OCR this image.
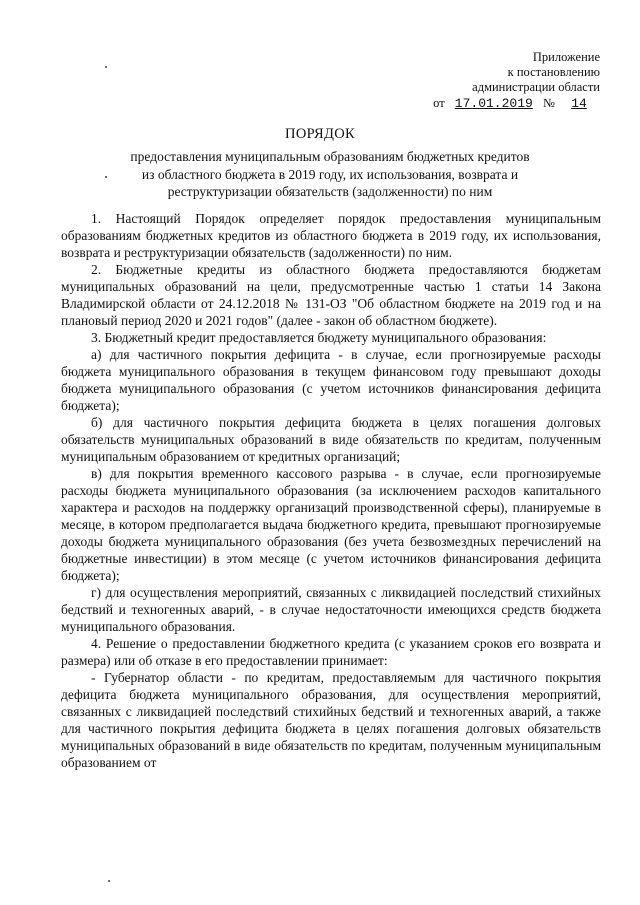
Приложение
к постановлению
администрации области
от 17.01.2019 № 14
ПОРЯДОК
предоставления муниципальным образованиям бюджетных кредитов
из областного бюджета в 2019 году, их использования, возврата и
реструктуризации обязательств (задолженности) по ним

1. Настоящий Порядок определяет порядок предоставления муниципальным образованиям бюджетных кредитов из областного бюджета в 2019 году, их использования, возврата и реструктуризации обязательств (задолженности) по ним.

2. Бюджетные кредиты из областного бюджета предоставляются бюджетам муниципальных образований на цели, предусмотренные частью 1 статьи 14 Закона Владимирской области от 24.12.2018 № 131-ОЗ "Об областном бюджете на 2019 год и на плановый период 2020 и 2021 годов" (далее - закон об областном бюджете).

3. Бюджетный кредит предоставляется бюджету муниципального образования:

а) для частичного покрытия дефицита - в случае, если прогнозируемые расходы бюджета муниципального образования в текущем финансовом году превышают доходы бюджета муниципального образования (с учетом источников финансирования дефицита бюджета);

б) для частичного покрытия дефицита бюджета в целях погашения долговых обязательств муниципальных образований в виде обязательств по кредитам, полученным муниципальным образованием от кредитных организаций;

в) для покрытия временного кассового разрыва - в случае, если прогнозируемые расходы бюджета муниципального образования (за исключением расходов капитального характера и расходов на поддержку организаций производственной сферы), планируемые в месяце, в котором предполагается выдача бюджетного кредита, превышают прогнозируемые доходы бюджета муниципального образования (без учета безвозмездных перечислений на бюджетные инвестиции) в этом месяце (с учетом источников финансирования дефицита бюджета);

г) для осуществления мероприятий, связанных с ликвидацией последствий стихийных бедствий и техногенных аварий, - в случае недостаточности имеющихся средств бюджета муниципального образования.

4. Решение о предоставлении бюджетного кредита (с указанием сроков его возврата и размера) или об отказе в его предоставлении принимает:

- Губернатор области - по кредитам, предоставляемым для частичного покрытия дефицита бюджета муниципального образования, для осуществления мероприятий, связанных с ликвидацией последствий стихийных бедствий и техногенных аварий, а также для частичного покрытия дефицита бюджета в целях погашения долговых обязательств муниципальных образований в виде обязательств по кредитам, полученным муниципальным образованием от
